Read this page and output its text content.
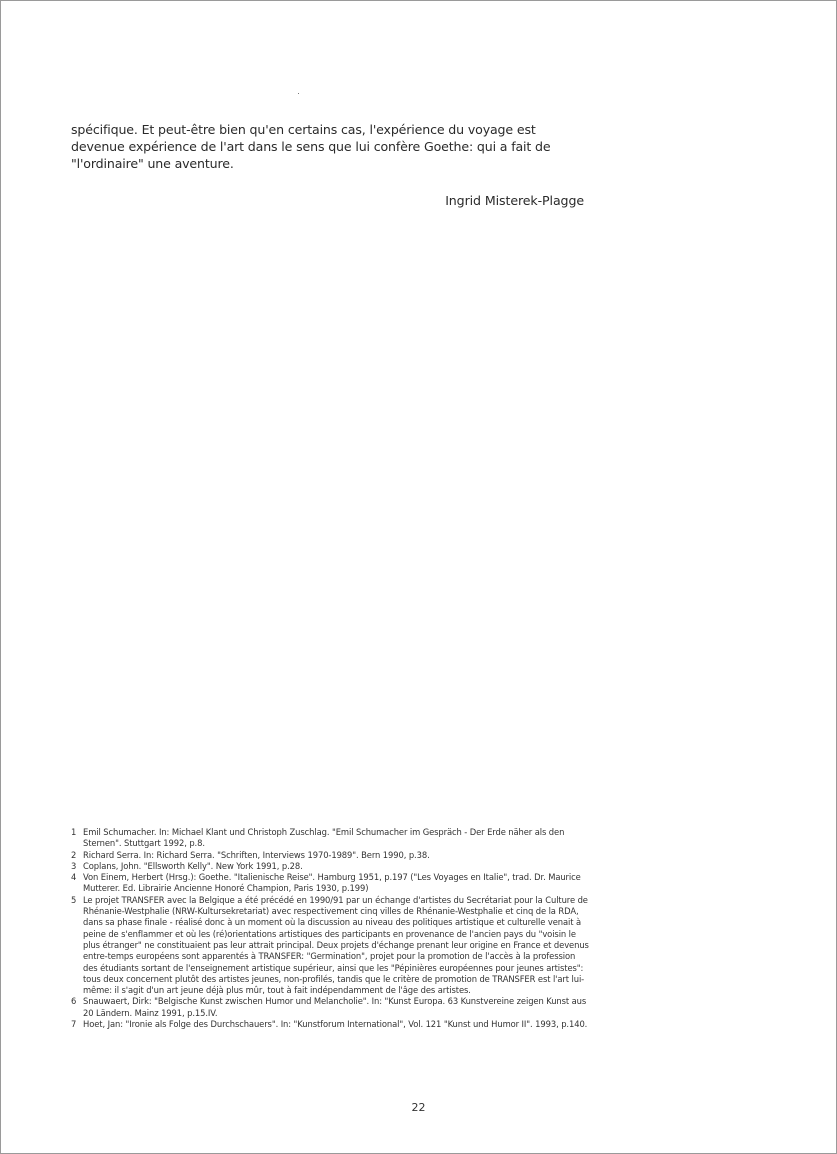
spécifique. Et peut-être bien qu'en certains cas, l'expérience du voyage est devenue expérience de l'art dans le sens que lui confère Goethe: qui a fait de "l'ordinaire" une aventure.

Ingrid Misterek-Plagge
1 Emil Schumacher. In: Michael Klant und Christoph Zuschlag. "Emil Schumacher im Gespräch - Der Erde näher als den Sternen". Stuttgart 1992, p.8.
2 Richard Serra. In: Richard Serra. "Schriften, Interviews 1970-1989". Bern 1990, p.38.
3 Coplans, John. "Ellsworth Kelly". New York 1991, p.28.
4 Von Einem, Herbert (Hrsg.): Goethe. "Italienische Reise". Hamburg 1951, p.197 ("Les Voyages en Italie", trad. Dr. Maurice Mutterer. Ed. Librairie Ancienne Honoré Champion, Paris 1930, p.199)
5 Le projet TRANSFER avec la Belgique a été précédé en 1990/91 par un échange d'artistes du Secrétariat pour la Culture de Rhénanie-Westphalie (NRW-Kultursekretariat) avec respectivement cinq villes de Rhénanie-Westphalie et cinq de la RDA, dans sa phase finale - réalisé donc à un moment où la discussion au niveau des politiques artistique et culturelle venait à peine de s'enflammer et où les (ré)orientations artistiques des participants en provenance de l'ancien pays du "voisin le plus étranger" ne constituaient pas leur attrait principal. Deux projets d'échange prenant leur origine en France et devenus entre-temps européens sont apparentés à TRANSFER: "Germination", projet pour la promotion de l'accès à la profession des étudiants sortant de l'enseignement artistique supérieur, ainsi que les "Pépinières européennes pour jeunes artistes": tous deux concernent plutôt des artistes jeunes, non-profilés, tandis que le critère de promotion de TRANSFER est l'art lui-même: il s'agit d'un art jeune déjà plus mûr, tout à fait indépendamment de l'âge des artistes.
6 Snauwaert, Dirk: "Belgische Kunst zwischen Humor und Melancholie". In: "Kunst Europa. 63 Kunstvereine zeigen Kunst aus 20 Ländern. Mainz 1991, p.15.IV.
7 Hoet, Jan: "Ironie als Folge des Durchschauers". In: "Kunstforum International", Vol. 121 "Kunst und Humor II". 1993, p.140.
22
